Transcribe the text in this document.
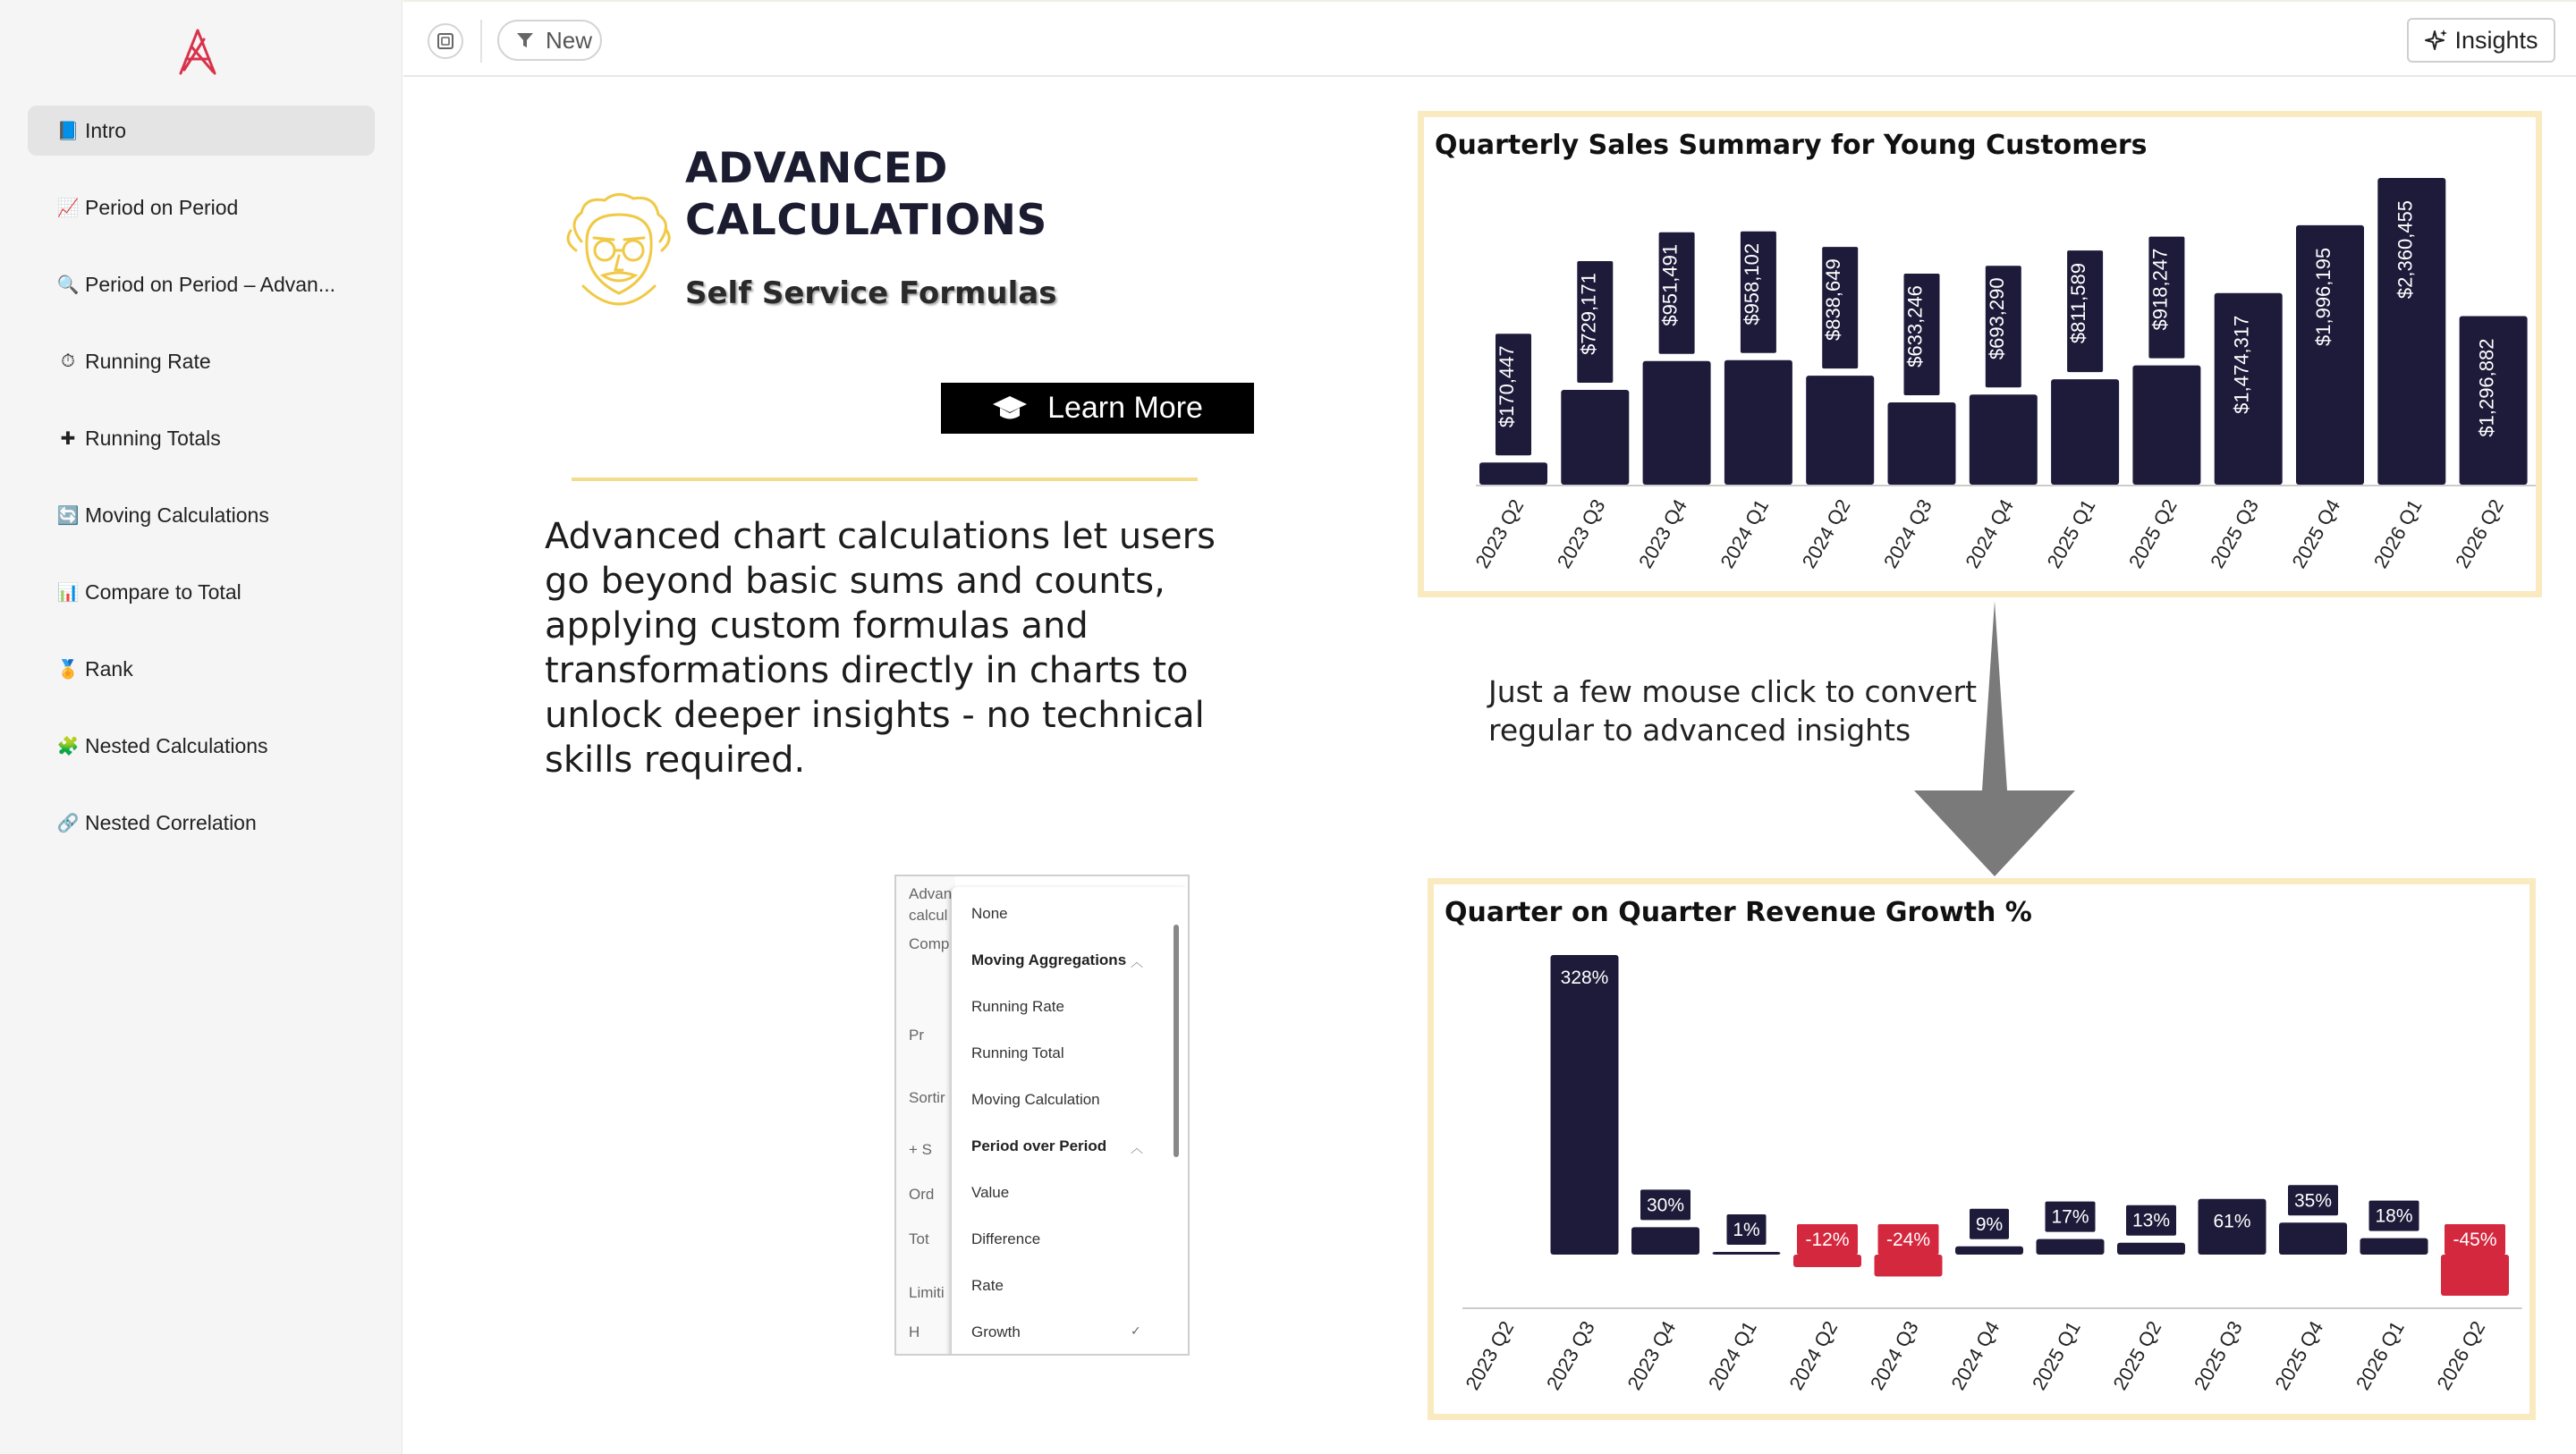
📘 Intro
📈 Period on Period
🔍 Period on Period – Advan...
⏱ Running Rate
✚ Running Totals
🔄 Moving Calculations
📊 Compare to Total
🏅 Rank
🧩 Nested Calculations
🔗 Nested Correlation
New	Insights
ADVANCED CALCULATIONS
Self Service Formulas
Learn More
Advanced chart calculations let users go beyond basic sums and counts, applying custom formulas and transformations directly in charts to unlock deeper insights - no technical skills required.
Advan
calcul
Comp
Pr
Sortir
+ S
Ord
Tot
Limiti
H
None
Moving Aggregations ︿
Running Rate
Running Total
Moving Calculation
Period over Period ︿
Value
Difference
Rate
Growth	✓
Quarterly Sales Summary for Young Customers
$170,447
2023 Q2
$729,171
2023 Q3
$951,491
2023 Q4
$958,102
2024 Q1
$838,649
2024 Q2
$633,246
2024 Q3
$693,290
2024 Q4
$811,589
2025 Q1
$918,247
2025 Q2
$1,474,317
2025 Q3
$1,996,195
2025 Q4
$2,360,455
2026 Q1
$1,296,882
2026 Q2
Just a few mouse click to convert regular to advanced insights
Quarter on Quarter Revenue Growth %
2023 Q2
328%
2023 Q3
30%
2023 Q4
1%
2024 Q1
-12%
2024 Q2
-24%
2024 Q3
9%
2024 Q4
17%
2025 Q1
13%
2025 Q2
61%
2025 Q3
35%
2025 Q4
18%
2026 Q1
-45%
2026 Q2
